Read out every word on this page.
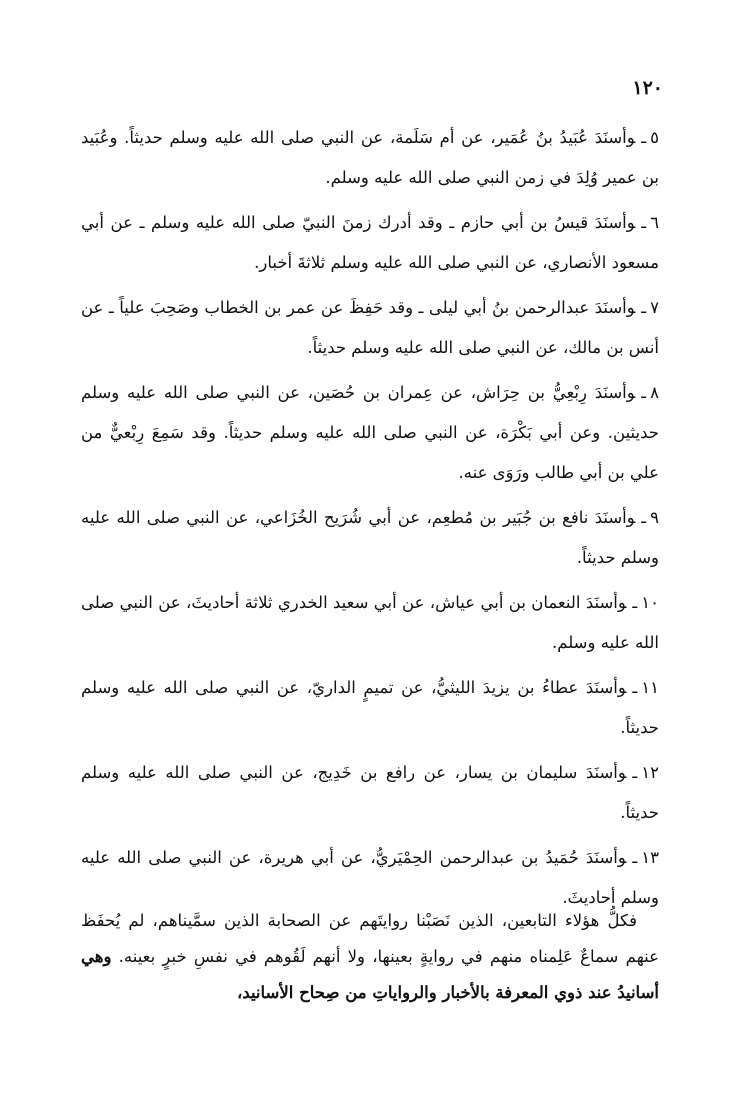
١٢٠

٥ـوأسنَدَ عُبَيدُ بنُ عُمَير، عن أم سَلَمة، عن النبي صلى الله عليه وسلم حديثاً. وعُبَيد بن عمير وُلِدَ في زمن النبي صلى الله عليه وسلم.

٦ـوأسنَدَ قيسُ بن أبي حازم ـ وقد أدرك زمنَ النبيّ صلى الله عليه وسلم ـ عن أبي مسعود الأنصاري، عن النبي صلى الله عليه وسلم ثلاثةَ أخبار.

٧ـوأسنَدَ عبدالرحمن بنُ أبي ليلى ـ وقد حَفِظَ عن عمر بن الخطاب وصَحِبَ علياً ـ عن أنس بن مالك، عن النبي صلى الله عليه وسلم حديثاً.

٨ـوأسنَدَ رِبْعِيُّ بن حِرَاش، عن عِمران بن حُصَين، عن النبي صلى الله عليه وسلم حديثين. وعن أبي بَكْرَة، عن النبي صلى الله عليه وسلم حديثاً. وقد سَمِعَ رِبْعيٌّ من علي بن أبي طالب ورَوَى عنه.

٩ـوأسنَدَ نافع بن جُبَير بن مُطعِم، عن أبي شُرَيح الخُزَاعي، عن النبي صلى الله عليه وسلم حديثاً.

١٠ـوأسنَدَ النعمان بن أبي عياش، عن أبي سعيد الخدري ثلاثة أحاديثَ، عن النبي صلى الله عليه وسلم.

١١ـوأسنَدَ عطاءُ بن يزيدَ الليثيُّ، عن تميمٍ الداريّ، عن النبي صلى الله عليه وسلم حديثاً.

١٢ـوأسنَدَ سليمان بن يسار، عن رافع بن خَدِيج، عن النبي صلى الله عليه وسلم حديثاً.

١٣ـوأسنَدَ حُمَيدُ بن عبدالرحمن الحِمْيَريُّ، عن أبي هريرة، عن النبي صلى الله عليه وسلم أحاديثَ.

فكلُّ هؤلاء التابعين، الذين نَصَبْنا روايتَهم عن الصحابة الذين سمَّيناهم، لم يُحفَظ عنهم سماعٌ عَلِمناه منهم في روايةٍ بعينها، ولا أنهم لَقُوهم في نفسِ خبرٍ بعينه. وهي أسانيدُ عند ذوي المعرفة بالأخبار والرواياتِ من صِحاح الأسانيد،
